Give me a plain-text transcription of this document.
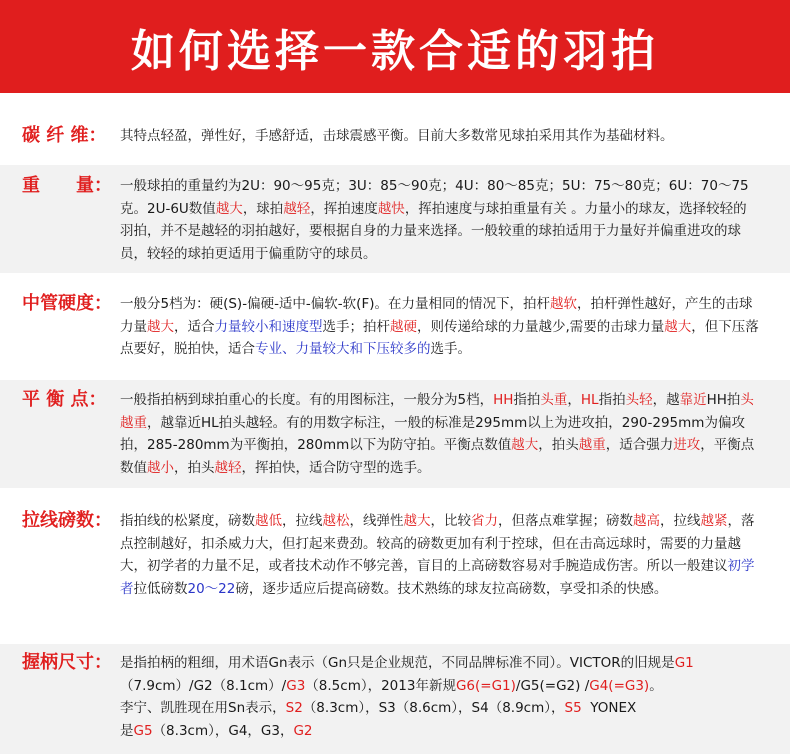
如何选择一款合适的羽拍
碳 纤 维： 其特点轻盈，弹性好，手感舒适，击球震感平衡。目前大多数常见球拍采用其作为基础材料。
重　　量： 一般球拍的重量约为2U：90～95克；3U：85～90克；4U：80～85克；5U：75～80克；6U：70～75克。2U-6U数值越大，球拍越轻，挥拍速度越快，挥拍速度与球拍重量有关 。力量小的球友，选择较轻的羽拍，并不是越轻的羽拍越好，要根据自身的力量来选择。一般较重的球拍适用于力量好并偏重进攻的球员，较轻的球拍更适用于偏重防守的球员。
中管硬度： 一般分5档为：硬(S)-偏硬-适中-偏软-软(F)。在力量相同的情况下，拍杆越软，拍杆弹性越好，产生的击球力量越大，适合力量较小和速度型选手；拍杆越硬，则传递给球的力量越少,需要的击球力量越大，但下压落点要好，脱拍快，适合专业、力量较大和下压较多的选手。
平 衡 点： 一般指拍柄到球拍重心的长度。有的用图标注，一般分为5档，HH指拍头重，HL指拍头轻，越靠近HH拍头越重，越靠近HL拍头越轻。有的用数字标注，一般的标准是295mm以上为进攻拍，290-295mm为偏攻拍，285-280mm为平衡拍，280mm以下为防守拍。平衡点数值越大，拍头越重，适合强力进攻，平衡点数值越小，拍头越轻，挥拍快，适合防守型的选手。
拉线磅数： 指拍线的松紧度，磅数越低，拉线越松，线弹性越大，比较省力，但落点难掌握；磅数越高，拉线越紧，落点控制越好，扣杀威力大，但打起来费劲。较高的磅数更加有利于控球，但在击高远球时，需要的力量越大，初学者的力量不足，或者技术动作不够完善，盲目的上高磅数容易对手腕造成伤害。所以一般建议初学者拉低磅数20～22磅，逐步适应后提高磅数。技术熟练的球友拉高磅数，享受扣杀的快感。
握柄尺寸： 是指拍柄的粗细，用术语Gn表示（Gn只是企业规范，不同品牌标准不同）。VICTOR的旧规是G1（7.9cm）/G2（8.1cm）/G3（8.5cm），2013年新规G6(=G1)/G5(=G2) /G4(=G3)。
李宁、凯胜现在用Sn表示，S2（8.3cm），S3（8.6cm），S4（8.9cm），S5  YONEX
是G5（8.3cm），G4，G3，G2
